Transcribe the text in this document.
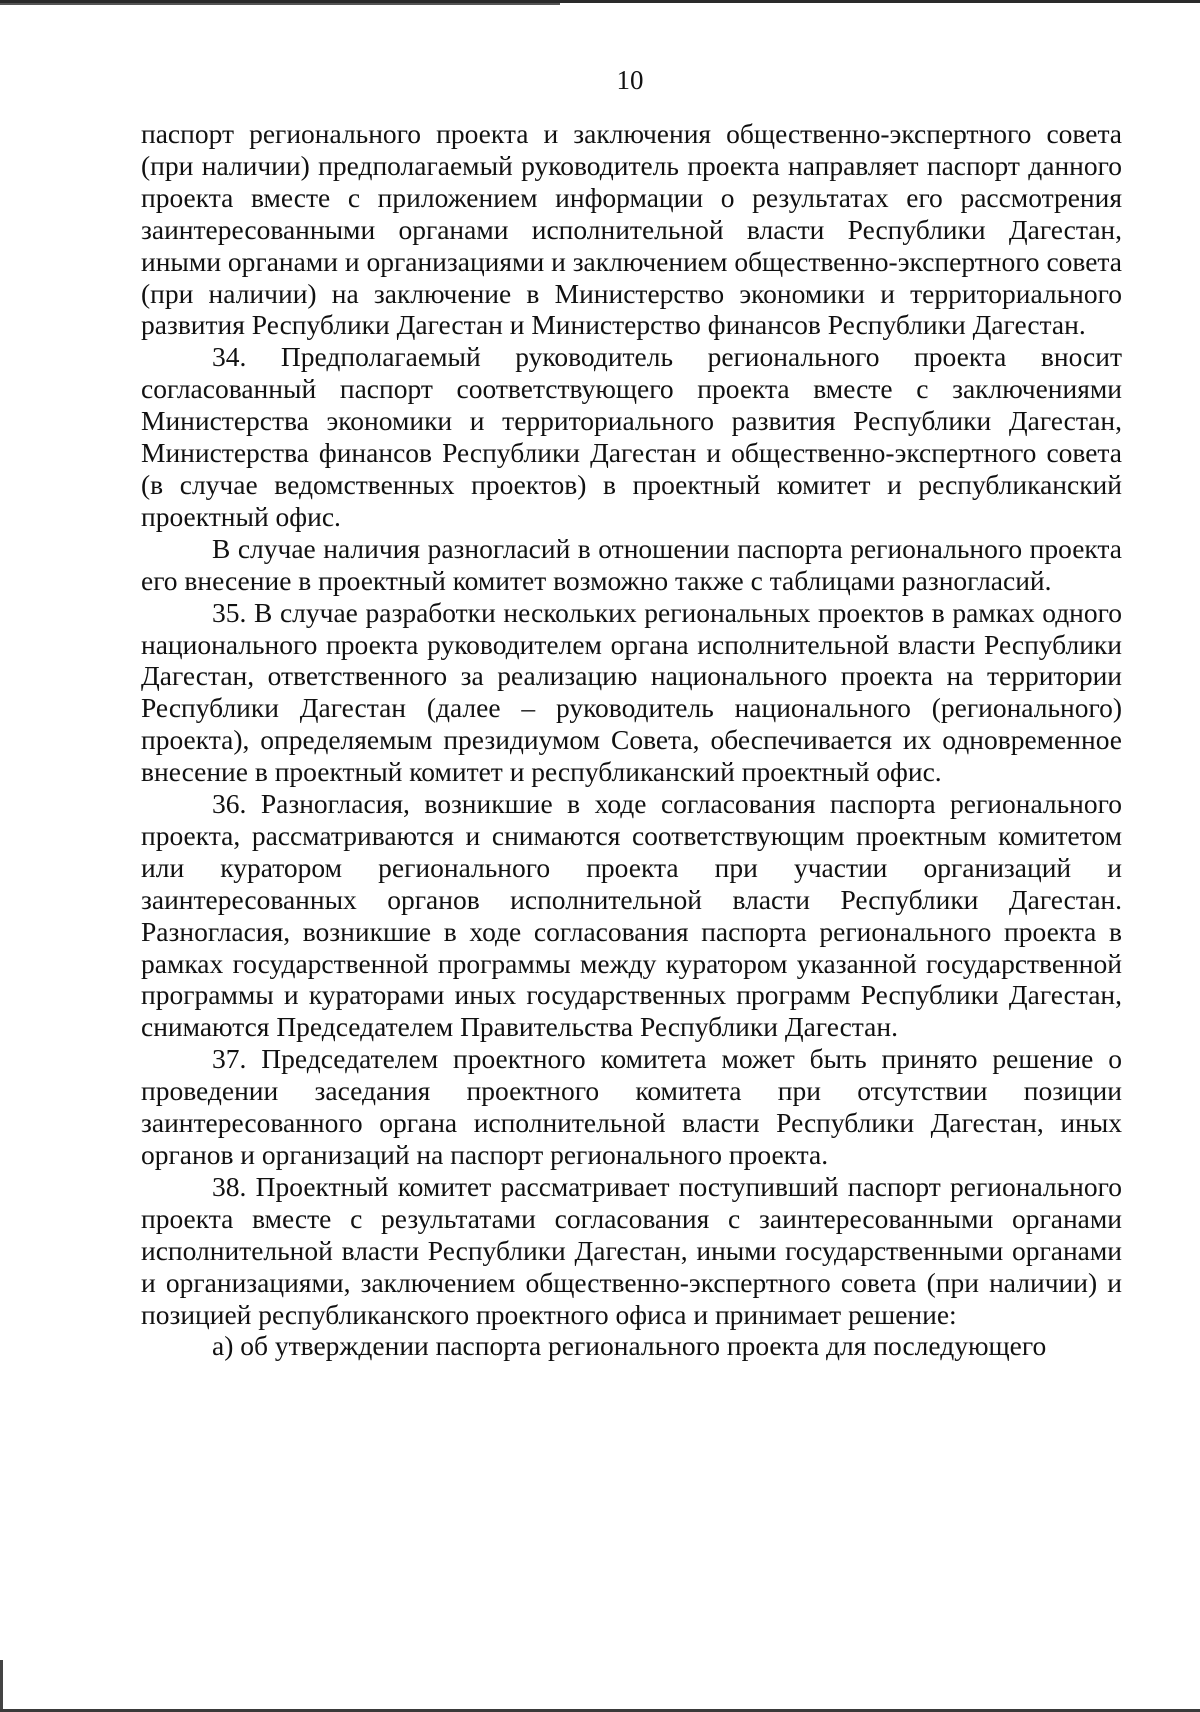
10

паспорт регионального проекта и заключения общественно-экспертного совета (при наличии) предполагаемый руководитель проекта направляет паспорт данного проекта вместе с приложением информации о результатах его рассмотрения заинтересованными органами исполнительной власти Республики Дагестан, иными органами и организациями и заключением общественно-экспертного совета (при наличии) на заключение в Министерство экономики и территориального развития Республики Дагестан и Министерство финансов Республики Дагестан.

34. Предполагаемый руководитель регионального проекта вносит согласованный паспорт соответствующего проекта вместе с заключениями Министерства экономики и территориального развития Республики Дагестан, Министерства финансов Республики Дагестан и общественно-экспертного совета (в случае ведомственных проектов) в проектный комитет и республиканский проектный офис.

В случае наличия разногласий в отношении паспорта регионального проекта его внесение в проектный комитет возможно также с таблицами разногласий.

35. В случае разработки нескольких региональных проектов в рамках одного национального проекта руководителем органа исполнительной власти Республики Дагестан, ответственного за реализацию национального проекта на территории Республики Дагестан (далее – руководитель национального (регионального) проекта), определяемым президиумом Совета, обеспечивается их одновременное внесение в проектный комитет и республиканский проектный офис.

36. Разногласия, возникшие в ходе согласования паспорта регионального проекта, рассматриваются и снимаются соответствующим проектным комитетом или куратором регионального проекта при участии организаций и заинтересованных органов исполнительной власти Республики Дагестан. Разногласия, возникшие в ходе согласования паспорта регионального проекта в рамках государственной программы между куратором указанной государственной программы и кураторами иных государственных программ Республики Дагестан, снимаются Председателем Правительства Республики Дагестан.

37. Председателем проектного комитета может быть принято решение о проведении заседания проектного комитета при отсутствии позиции заинтересованного органа исполнительной власти Республики Дагестан, иных органов и организаций на паспорт регионального проекта.

38. Проектный комитет рассматривает поступивший паспорт регионального проекта вместе с результатами согласования с заинтересованными органами исполнительной власти Республики Дагестан, иными государственными органами и организациями, заключением общественно-экспертного совета (при наличии) и позицией республиканского проектного офиса и принимает решение:

а) об утверждении паспорта регионального проекта для последующего
